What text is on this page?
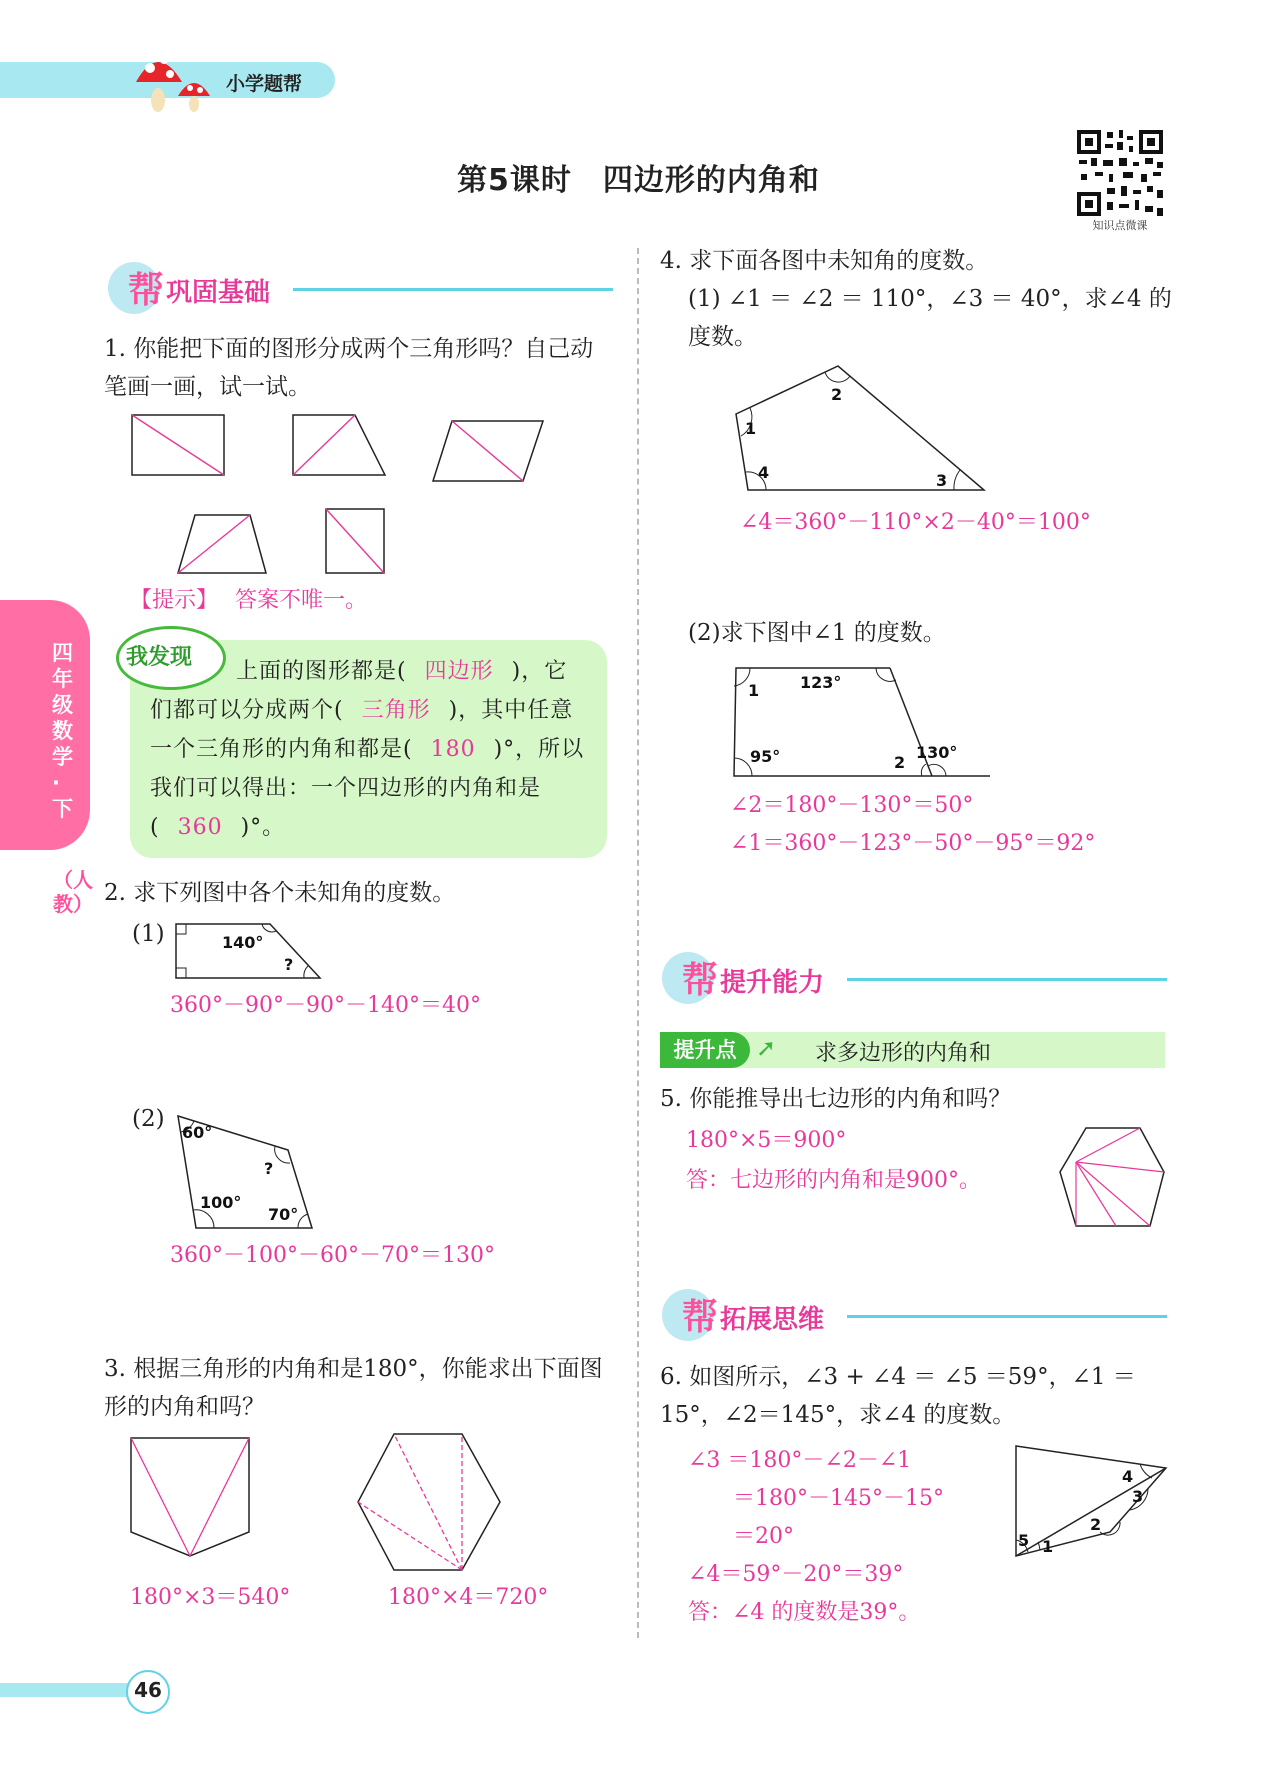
小学题帮
第5课时　四边形的内角和
知识点微课
四年级数学·下
（人教）
帮 巩固基础
1. 你能把下面的图形分成两个三角形吗？自己动笔画一画，试一试。
【提示】 答案不唯一。
我发现
上面的图形都是( 四边形 )，它们都可以分成两个( 三角形 )，其中任意一个三角形的内角和都是( 180 )°，所以我们可以得出：一个四边形的内角和是( 360 )°。
2. 求下列图中各个未知角的度数。
(1)	140°
?
360°－90°－90°－140°＝40°
(2)
60°
?
100°
70°
360°－100°－60°－70°＝130°
3. 根据三角形的内角和是180°，你能求出下面图形的内角和吗？
180°×3＝540°	180°×4＝720°
4. 求下面各图中未知角的度数。
(1) ∠1 ＝ ∠2 ＝ 110°，∠3 ＝ 40°，求∠4 的度数。
1
2
3
4
∠4＝360°－110°×2－40°＝100°
(2)求下图中∠1 的度数。
1	123°
95°	2
130°
∠2＝180°－130°＝50°
∠1＝360°－123°－50°－95°＝92°
帮 提升能力
提升点 ➚ 求多边形的内角和
5. 你能推导出七边形的内角和吗？
180°×5＝900°
答：七边形的内角和是900°。
帮 拓展思维
6. 如图所示，∠3 + ∠4 ＝ ∠5 ＝59°，∠1 ＝15°，∠2＝145°，求∠4 的度数。
∠3 ＝180°－∠2－∠1
＝180°－145°－15°
＝20°
∠4＝59°－20°＝39°
答：∠4 的度数是39°。
4
3
2
5 1
46
